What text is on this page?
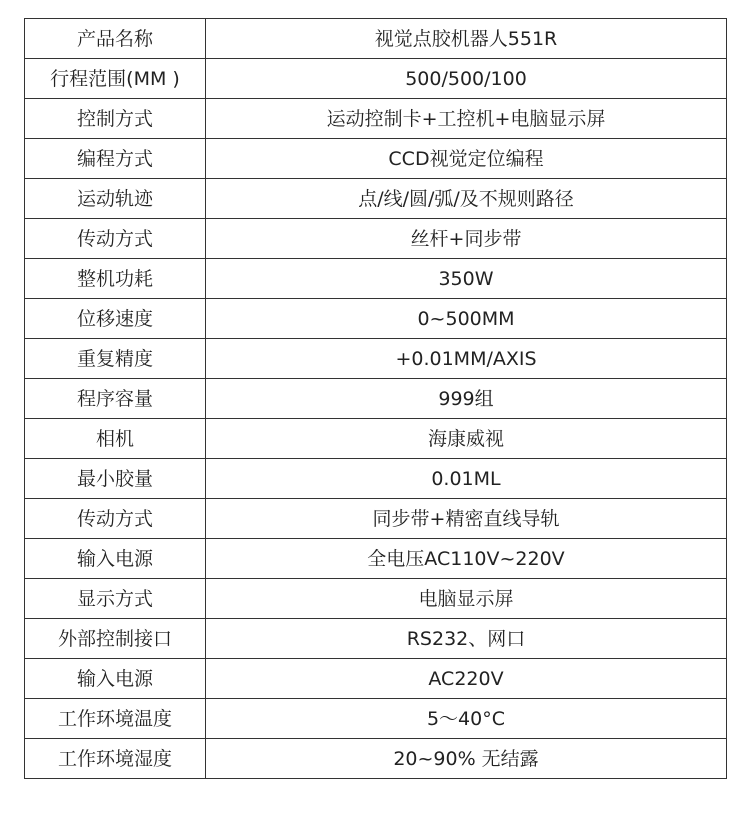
产品名称	视觉点胶机器人551R
行程范围(MM )	500/500/100
控制方式	运动控制卡+工控机+电脑显示屏
编程方式	CCD视觉定位编程
运动轨迹	点/线/圆/弧/及不规则路径
传动方式	丝杆+同步带
整机功耗	350W
位移速度	0~500MM
重复精度	+0.01MM/AXIS
程序容量	999组
相机	海康威视
最小胶量	0.01ML
传动方式	同步带+精密直线导轨
输入电源	全电压AC110V~220V
显示方式	电脑显示屏
外部控制接口	RS232、网口
输入电源	AC220V
工作环境温度	5～40°C
工作环境湿度	20~90% 无结露
